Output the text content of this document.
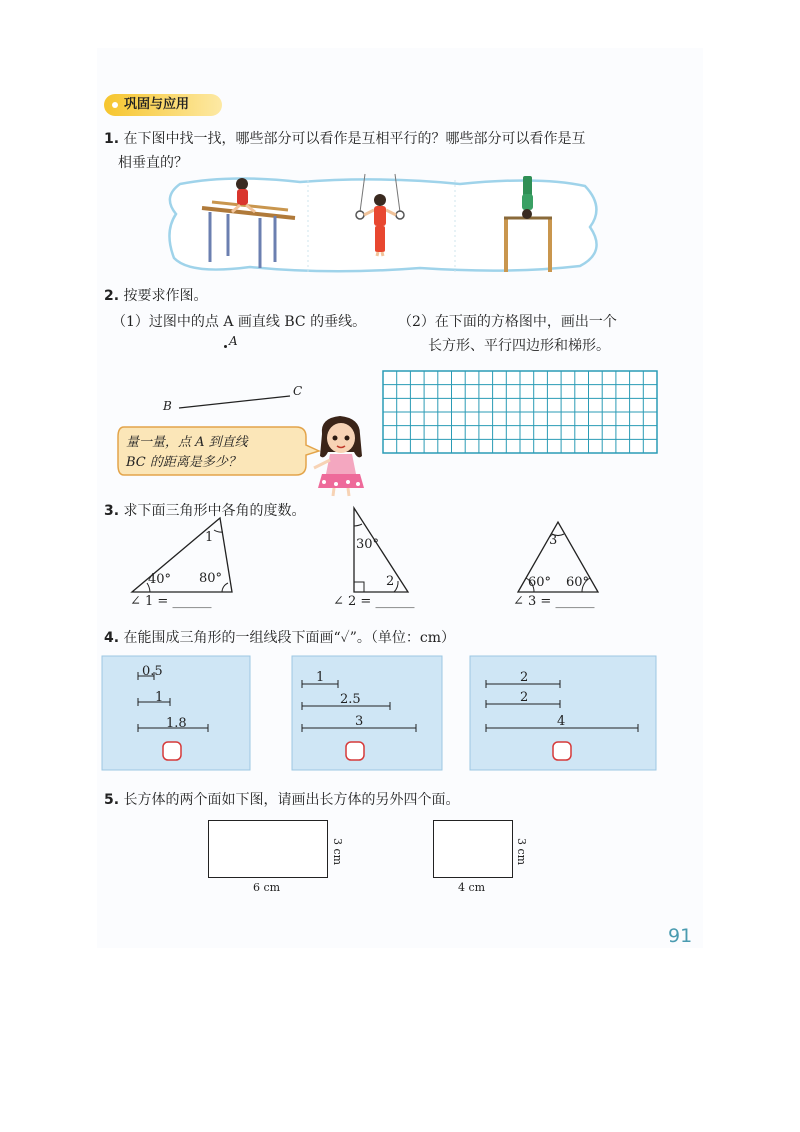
巩固与应用
1. 在下图中找一找，哪些部分可以看作是互相平行的？哪些部分可以看作是互
相垂直的？
2. 按要求作图。
（1）过图中的点 A 画直线 BC 的垂线。 （2）在下面的方格图中，画出一个
长方形、平行四边形和梯形。
A
B
C
量一量，点 A 到直线
BC 的距离是多少？
3. 求下面三角形中各角的度数。
40° 80°
1
∠ 1 = ______
30°
2
∠ 2 = ______
3
60° 60°
∠ 3 = ______
4. 在能围成三角形的一组线段下面画“✓”。（单位：cm）
0.5
1
1.8
1
2.5
3
2
2
4
5. 长方体的两个面如下图，请画出长方体的另外四个面。
6 cm
3 cm
4 cm
3 cm
91
